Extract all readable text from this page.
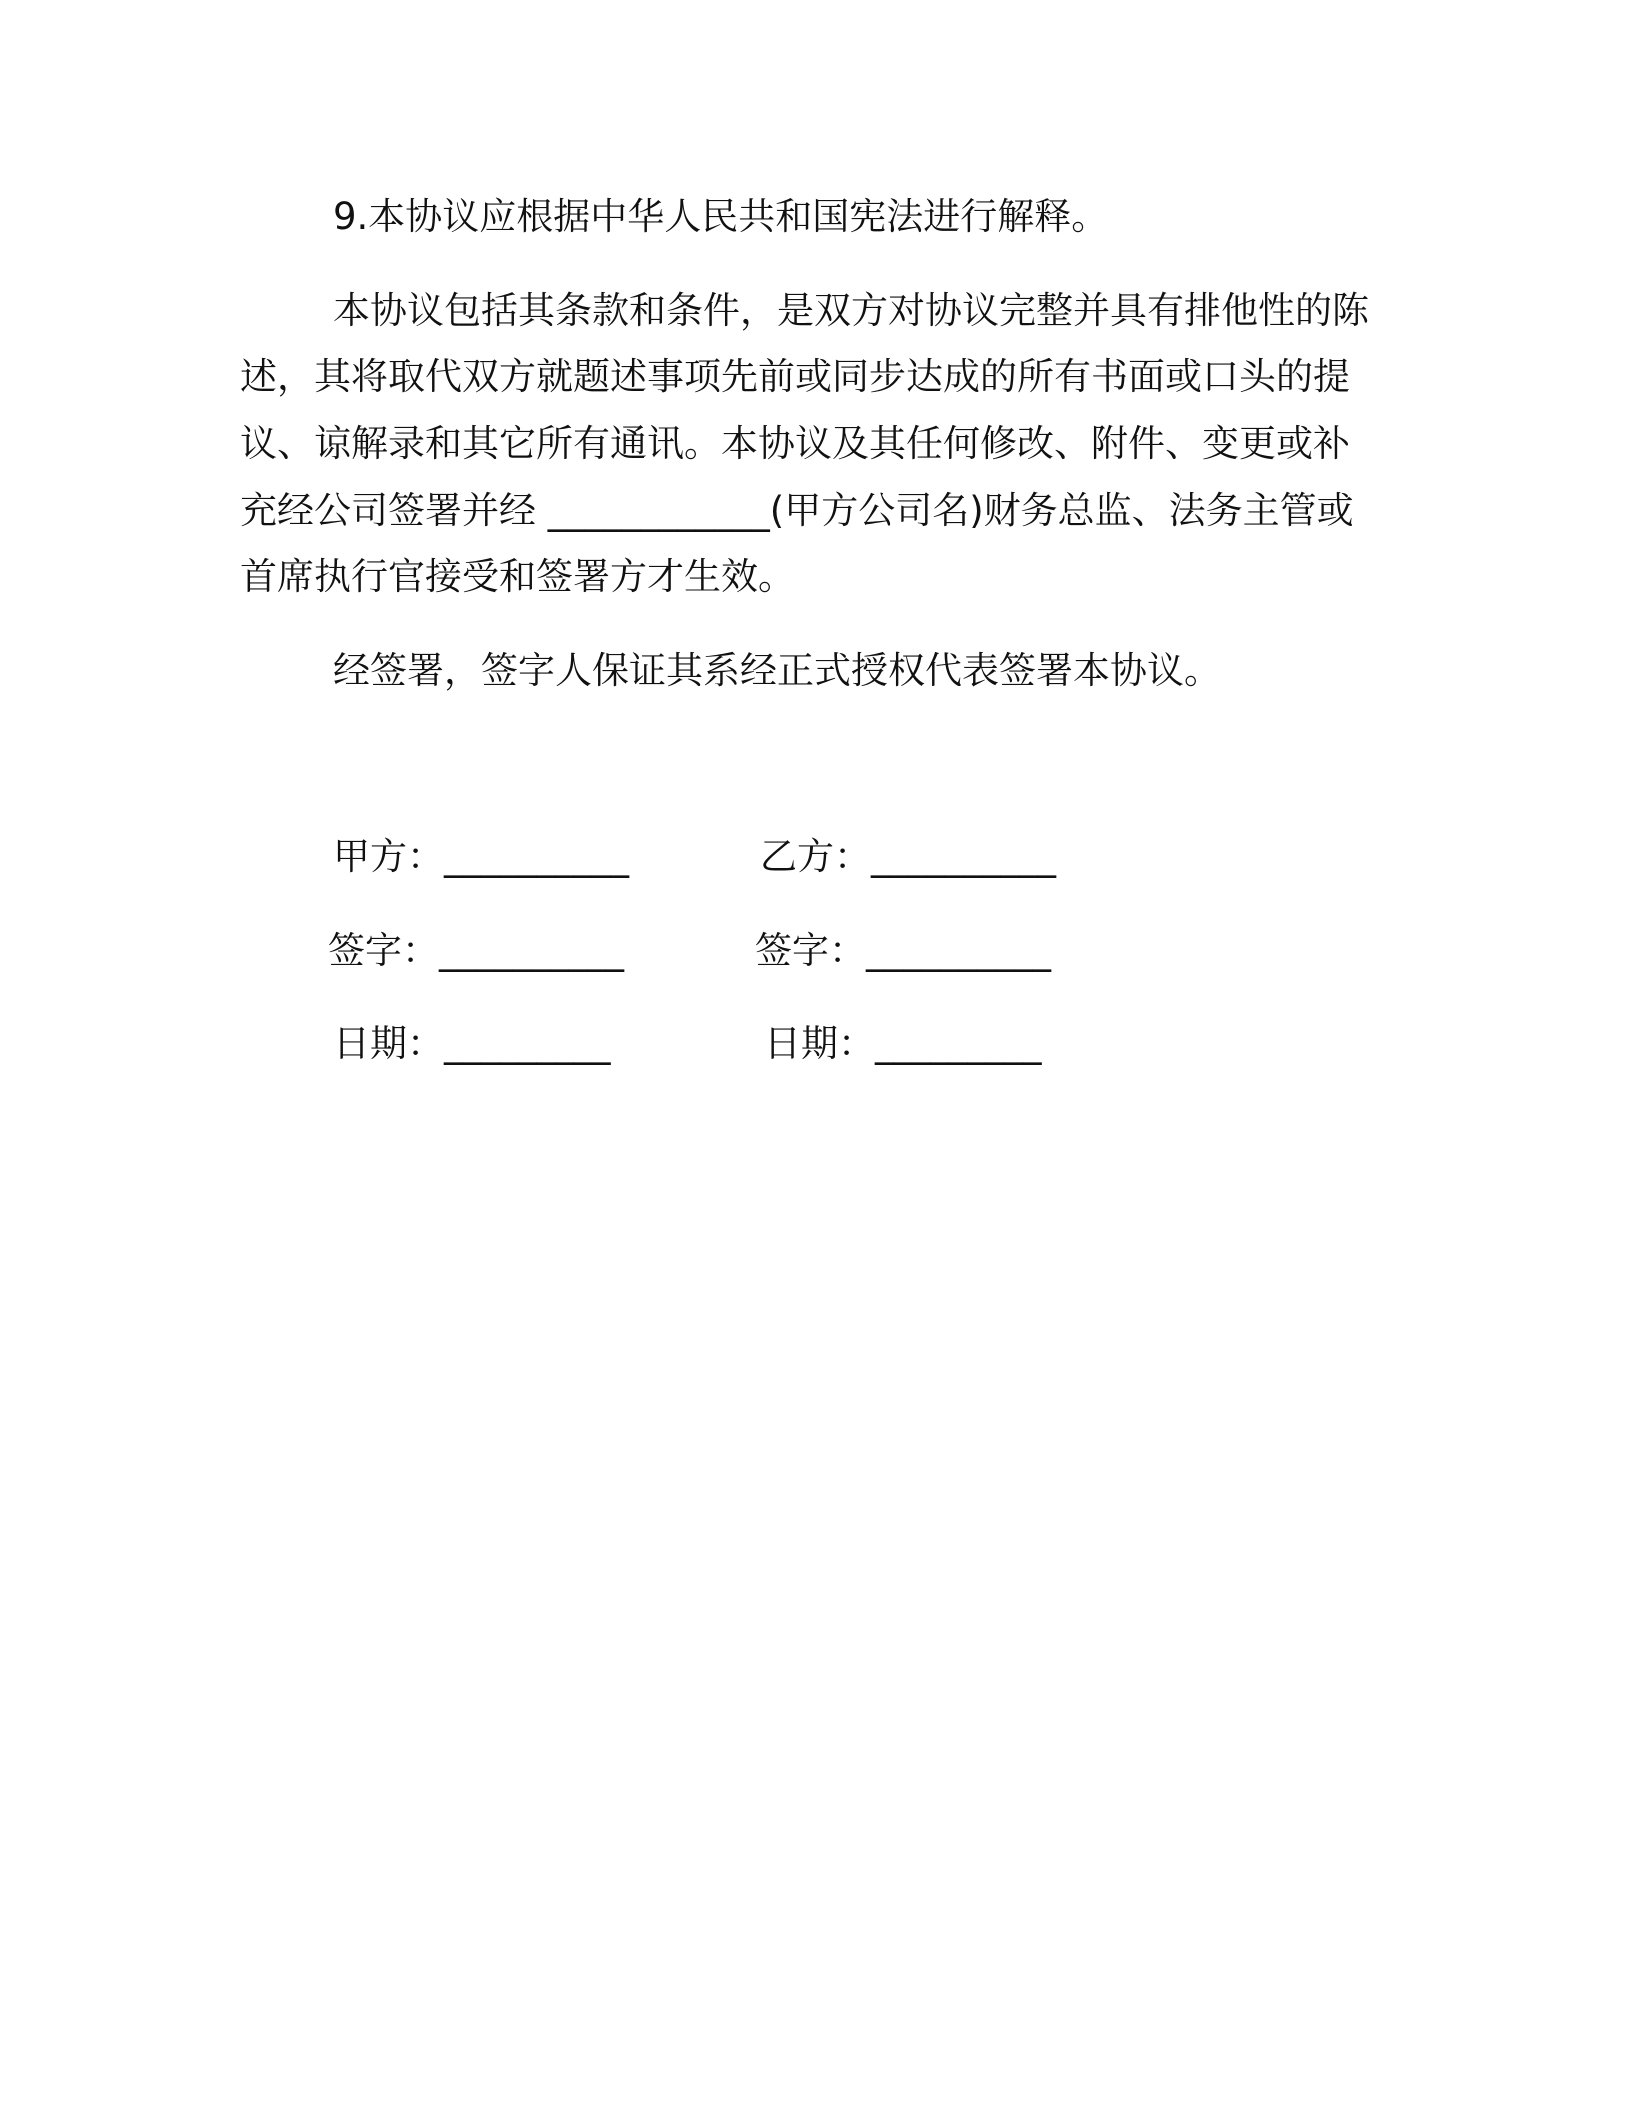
9.本协议应根据中华人民共和国宪法进行解释。
本协议包括其条款和条件，是双方对协议完整并具有排他性的陈
述，其将取代双方就题述事项先前或同步达成的所有书面或口头的提
议、谅解录和其它所有通讯。本协议及其任何修改、附件、变更或补
充经公司签署并经 ____________(甲方公司名)财务总监、法务主管或
首席执行官接受和签署方才生效。
经签署，签字人保证其系经正式授权代表签署本协议。
甲方：__________
签字：__________
日期：_________
乙方：__________
签字：__________
日期：_________
